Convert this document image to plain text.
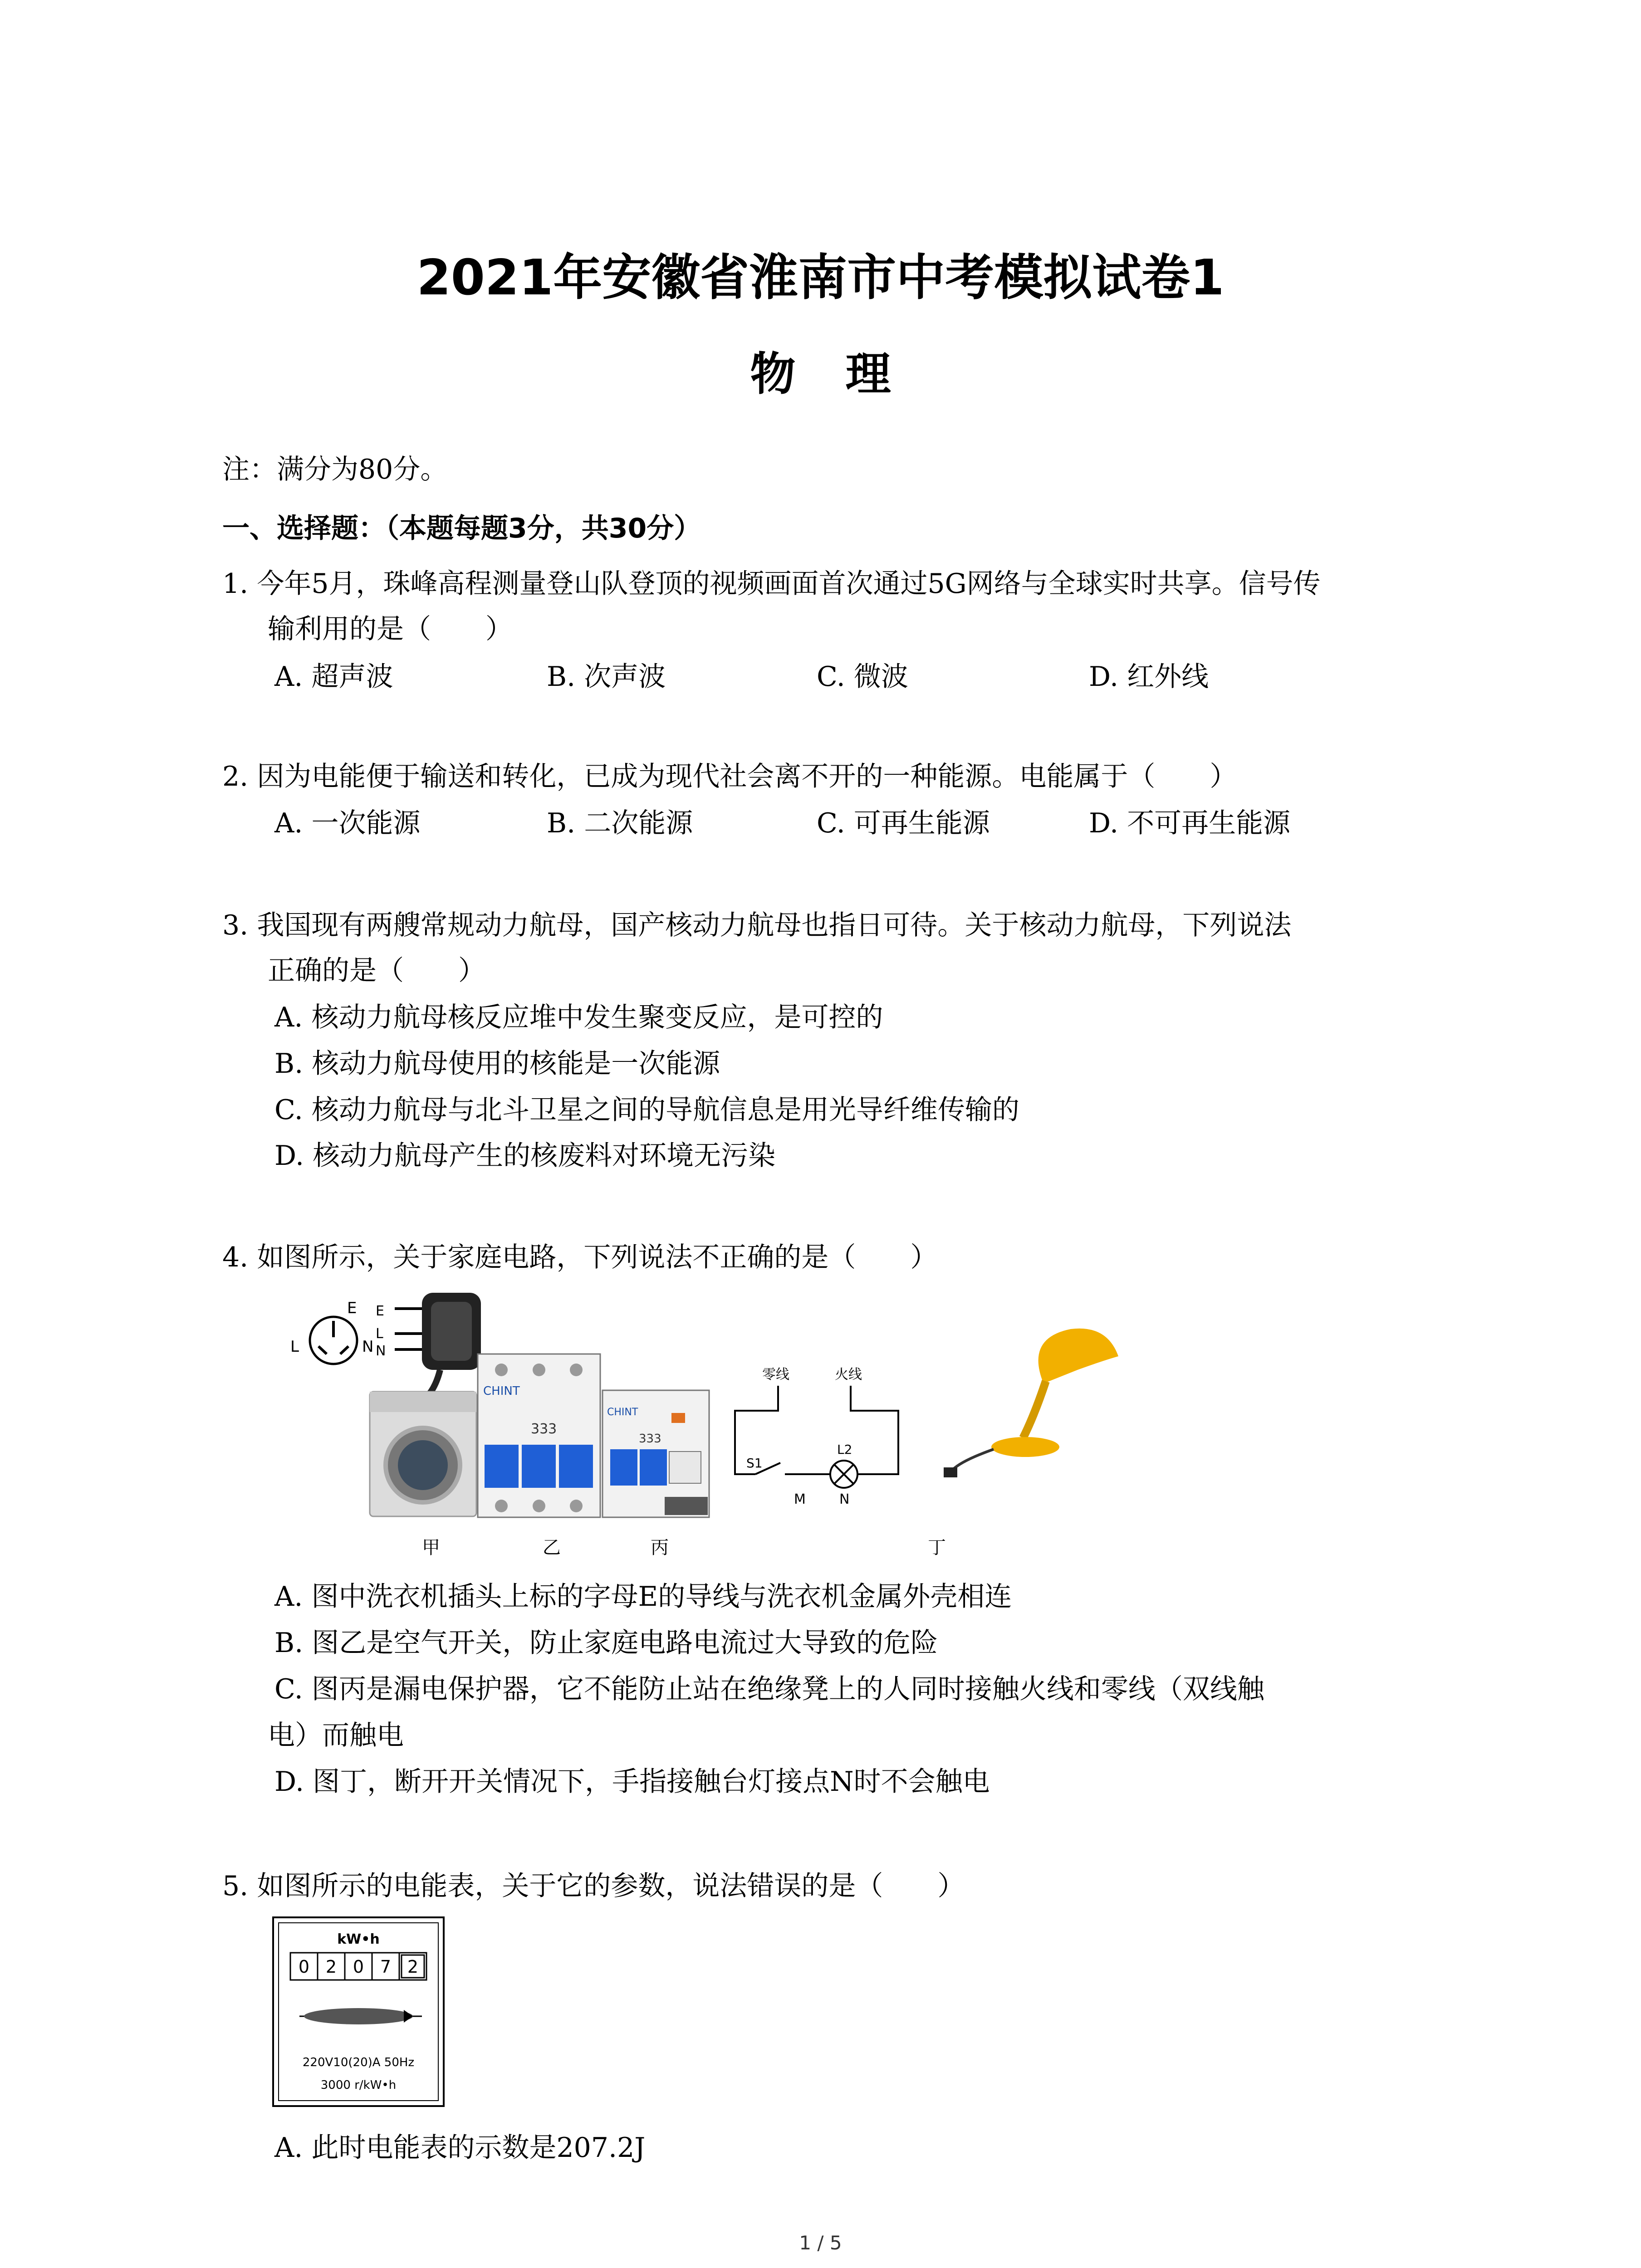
2021年安徽省淮南市中考模拟试卷1
物理
注：满分为80分。
一、选择题：（本题每题3分，共30分）
1. 今年5月，珠峰高程测量登山队登顶的视频画面首次通过5G网络与全球实时共享。信号传
输利用的是（　　）
A. 超声波	B. 次声波	C. 微波	D. 红外线
2. 因为电能便于输送和转化，已成为现代社会离不开的一种能源。电能属于（　　）
A. 一次能源	B. 二次能源	C. 可再生能源	D. 不可再生能源
3. 我国现有两艘常规动力航母，国产核动力航母也指日可待。关于核动力航母，下列说法
正确的是（　　）
A. 核动力航母核反应堆中发生聚变反应，是可控的
B. 核动力航母使用的核能是一次能源
C. 核动力航母与北斗卫星之间的导航信息是用光导纤维传输的
D. 核动力航母产生的核废料对环境无污染
4. 如图所示，关于家庭电路，下列说法不正确的是（　　）
E
L	N
E
L
N
CHINT
333
CHINT
333
零线	火线
S1
L2
M N
甲	乙	丙	丁
A. 图中洗衣机插头上标的字母E的导线与洗衣机金属外壳相连
B. 图乙是空气开关，防止家庭电路电流过大导致的危险
C. 图丙是漏电保护器，它不能防止站在绝缘凳上的人同时接触火线和零线（双线触
电）而触电
D. 图丁，断开开关情况下，手指接触台灯接点N时不会触电
5. 如图所示的电能表，关于它的参数，说法错误的是（　　）
kW•h
0 2 0 7 2
220V10(20)A 50Hz
3000 r/kW•h
A. 此时电能表的示数是207.2J
1 / 5
